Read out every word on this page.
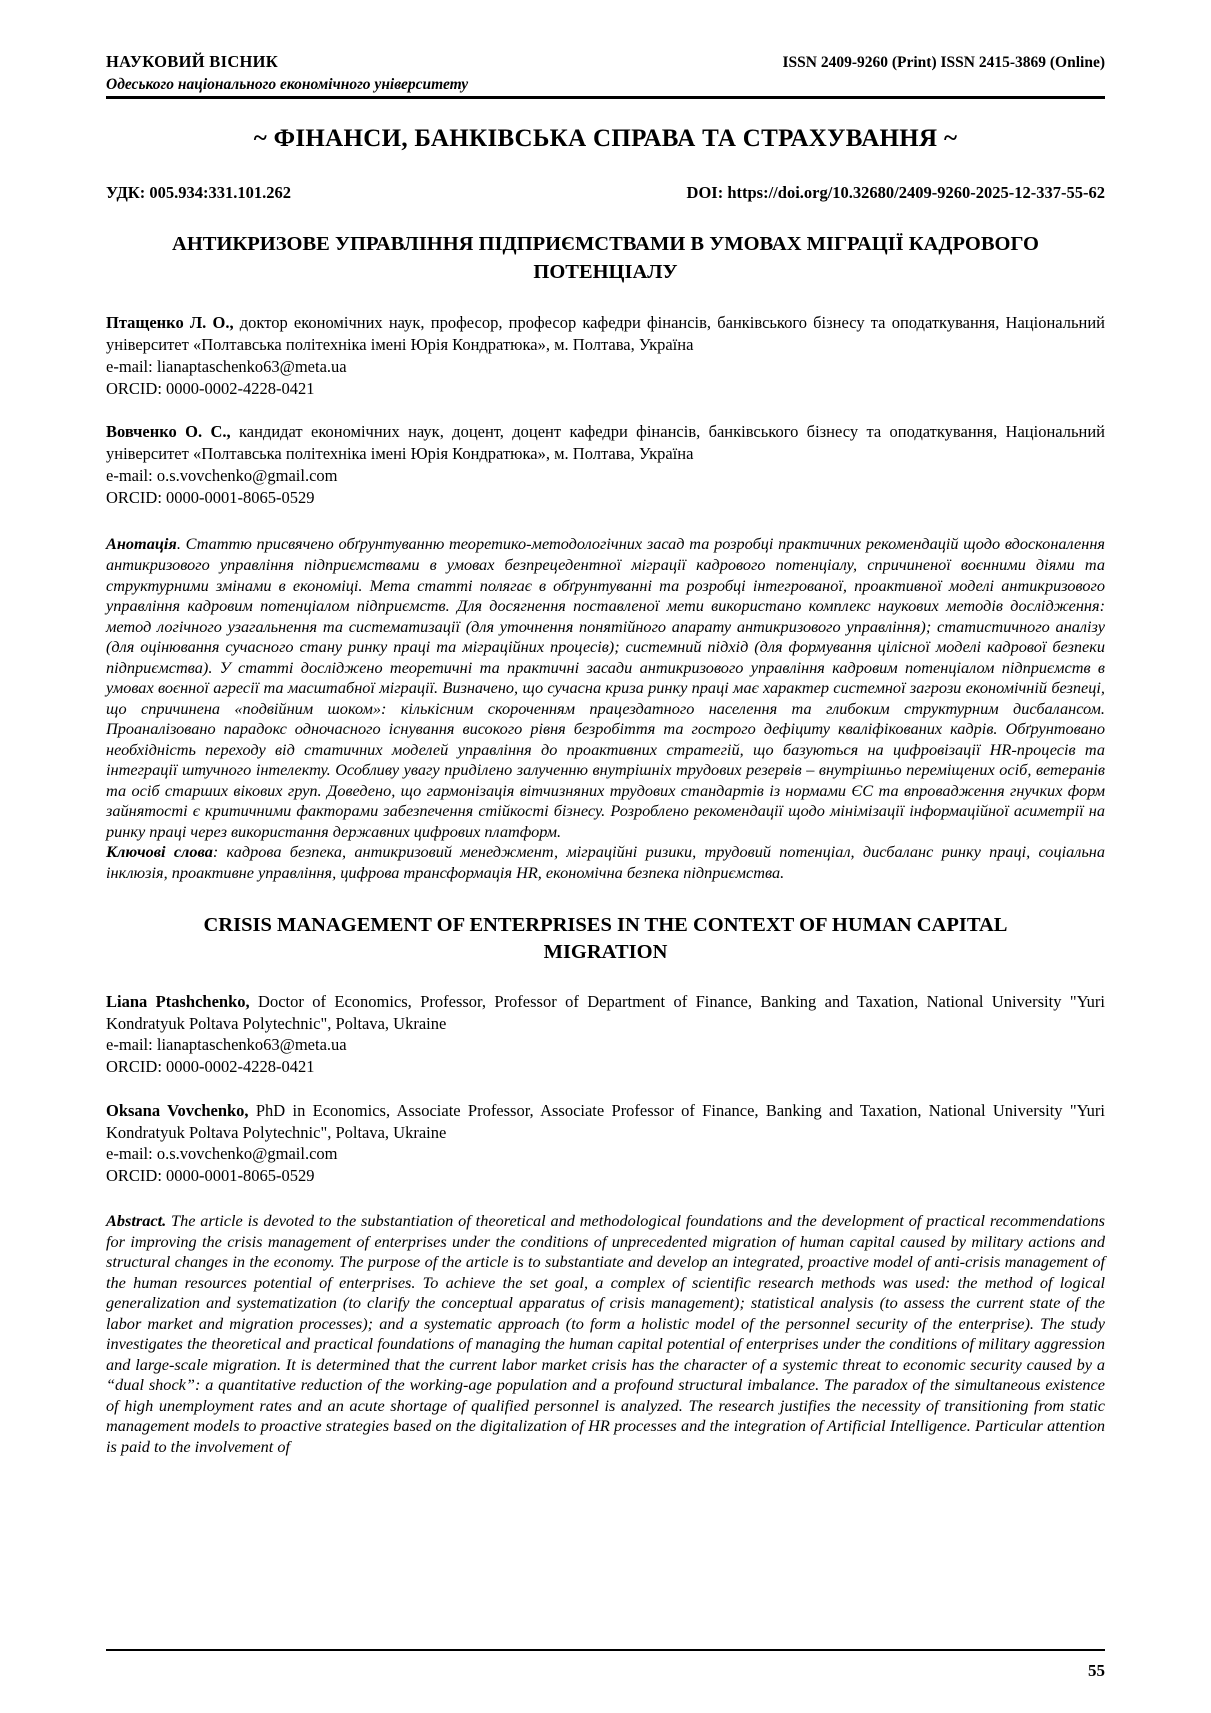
НАУКОВИЙ ВІСНИК
Одеського національного економічного університету
ISSN 2409-9260 (Print) ISSN 2415-3869 (Online)
~ ФІНАНСИ, БАНКІВСЬКА СПРАВА ТА СТРАХУВАННЯ ~
УДК: 005.934:331.101.262	DOI: https://doi.org/10.32680/2409-9260-2025-12-337-55-62
АНТИКРИЗОВЕ УПРАВЛІННЯ ПІДПРИЄМСТВАМИ В УМОВАХ МІГРАЦІЇ КАДРОВОГО ПОТЕНЦІАЛУ
Птащенко Л. О., доктор економічних наук, професор, професор кафедри фінансів, банківського бізнесу та оподаткування, Національний університет «Полтавська політехніка імені Юрія Кондратюка», м. Полтава, Україна
e-mail: lianaptaschenko63@meta.ua
ORCID: 0000-0002-4228-0421
Вовченко О. С., кандидат економічних наук, доцент, доцент кафедри фінансів, банківського бізнесу та оподаткування, Національний університет «Полтавська політехніка імені Юрія Кондратюка», м. Полтава, Україна
e-mail: o.s.vovchenko@gmail.com
ORCID: 0000-0001-8065-0529

Анотація. Статтю присвячено обґрунтуванню теоретико-методологічних засад та розробці практичних рекомендацій щодо вдосконалення антикризового управління підприємствами в умовах безпрецедентної міграції кадрового потенціалу, спричиненої воєнними діями та структурними змінами в економіці. Мета статті полягає в обґрунтуванні та розробці інтегрованої, проактивної моделі антикризового управління кадровим потенціалом підприємств. Для досягнення поставленої мети використано комплекс наукових методів дослідження: метод логічного узагальнення та систематизації (для уточнення понятійного апарату антикризового управління); статистичного аналізу (для оцінювання сучасного стану ринку праці та міграційних процесів); системний підхід (для формування цілісної моделі кадрової безпеки підприємства). У статті досліджено теоретичні та практичні засади антикризового управління кадровим потенціалом підприємств в умовах воєнної агресії та масштабної міграції. Визначено, що сучасна криза ринку праці має характер системної загрози економічній безпеці, що спричинена «подвійним шоком»: кількісним скороченням працездатного населення та глибоким структурним дисбалансом. Проаналізовано парадокс одночасного існування високого рівня безробіття та гострого дефіциту кваліфікованих кадрів. Обґрунтовано необхідність переходу від статичних моделей управління до проактивних стратегій, що базуються на цифровізації HR-процесів та інтеграції штучного інтелекту. Особливу увагу приділено залученню внутрішніх трудових резервів – внутрішньо переміщених осіб, ветеранів та осіб старших вікових груп. Доведено, що гармонізація вітчизняних трудових стандартів із нормами ЄС та впровадження гнучких форм зайнятості є критичними факторами забезпечення стійкості бізнесу. Розроблено рекомендації щодо мінімізації інформаційної асиметрії на ринку праці через використання державних цифрових платформ.

Ключові слова: кадрова безпека, антикризовий менеджмент, міграційні ризики, трудовий потенціал, дисбаланс ринку праці, соціальна інклюзія, проактивне управління, цифрова трансформація HR, економічна безпека підприємства.

CRISIS MANAGEMENT OF ENTERPRISES IN THE CONTEXT OF HUMAN CAPITAL MIGRATION
Liana Ptashchenko, Doctor of Economics, Professor, Professor of Department of Finance, Banking and Taxation, National University "Yuri Kondratyuk Poltava Polytechnic", Poltava, Ukraine
e-mail: lianaptaschenko63@meta.ua
ORCID: 0000-0002-4228-0421
Oksana Vovchenko, PhD in Economics, Associate Professor, Associate Professor of Finance, Banking and Taxation, National University "Yuri Kondratyuk Poltava Polytechnic", Poltava, Ukraine
e-mail: o.s.vovchenko@gmail.com
ORCID: 0000-0001-8065-0529

Abstract. The article is devoted to the substantiation of theoretical and methodological foundations and the development of practical recommendations for improving the crisis management of enterprises under the conditions of unprecedented migration of human capital caused by military actions and structural changes in the economy. The purpose of the article is to substantiate and develop an integrated, proactive model of anti-crisis management of the human resources potential of enterprises. To achieve the set goal, a complex of scientific research methods was used: the method of logical generalization and systematization (to clarify the conceptual apparatus of crisis management); statistical analysis (to assess the current state of the labor market and migration processes); and a systematic approach (to form a holistic model of the personnel security of the enterprise). The study investigates the theoretical and practical foundations of managing the human capital potential of enterprises under the conditions of military aggression and large-scale migration. It is determined that the current labor market crisis has the character of a systemic threat to economic security caused by a “dual shock”: a quantitative reduction of the working-age population and a profound structural imbalance. The paradox of the simultaneous existence of high unemployment rates and an acute shortage of qualified personnel is analyzed. The research justifies the necessity of transitioning from static management models to proactive strategies based on the digitalization of HR processes and the integration of Artificial Intelligence. Particular attention is paid to the involvement of

55
